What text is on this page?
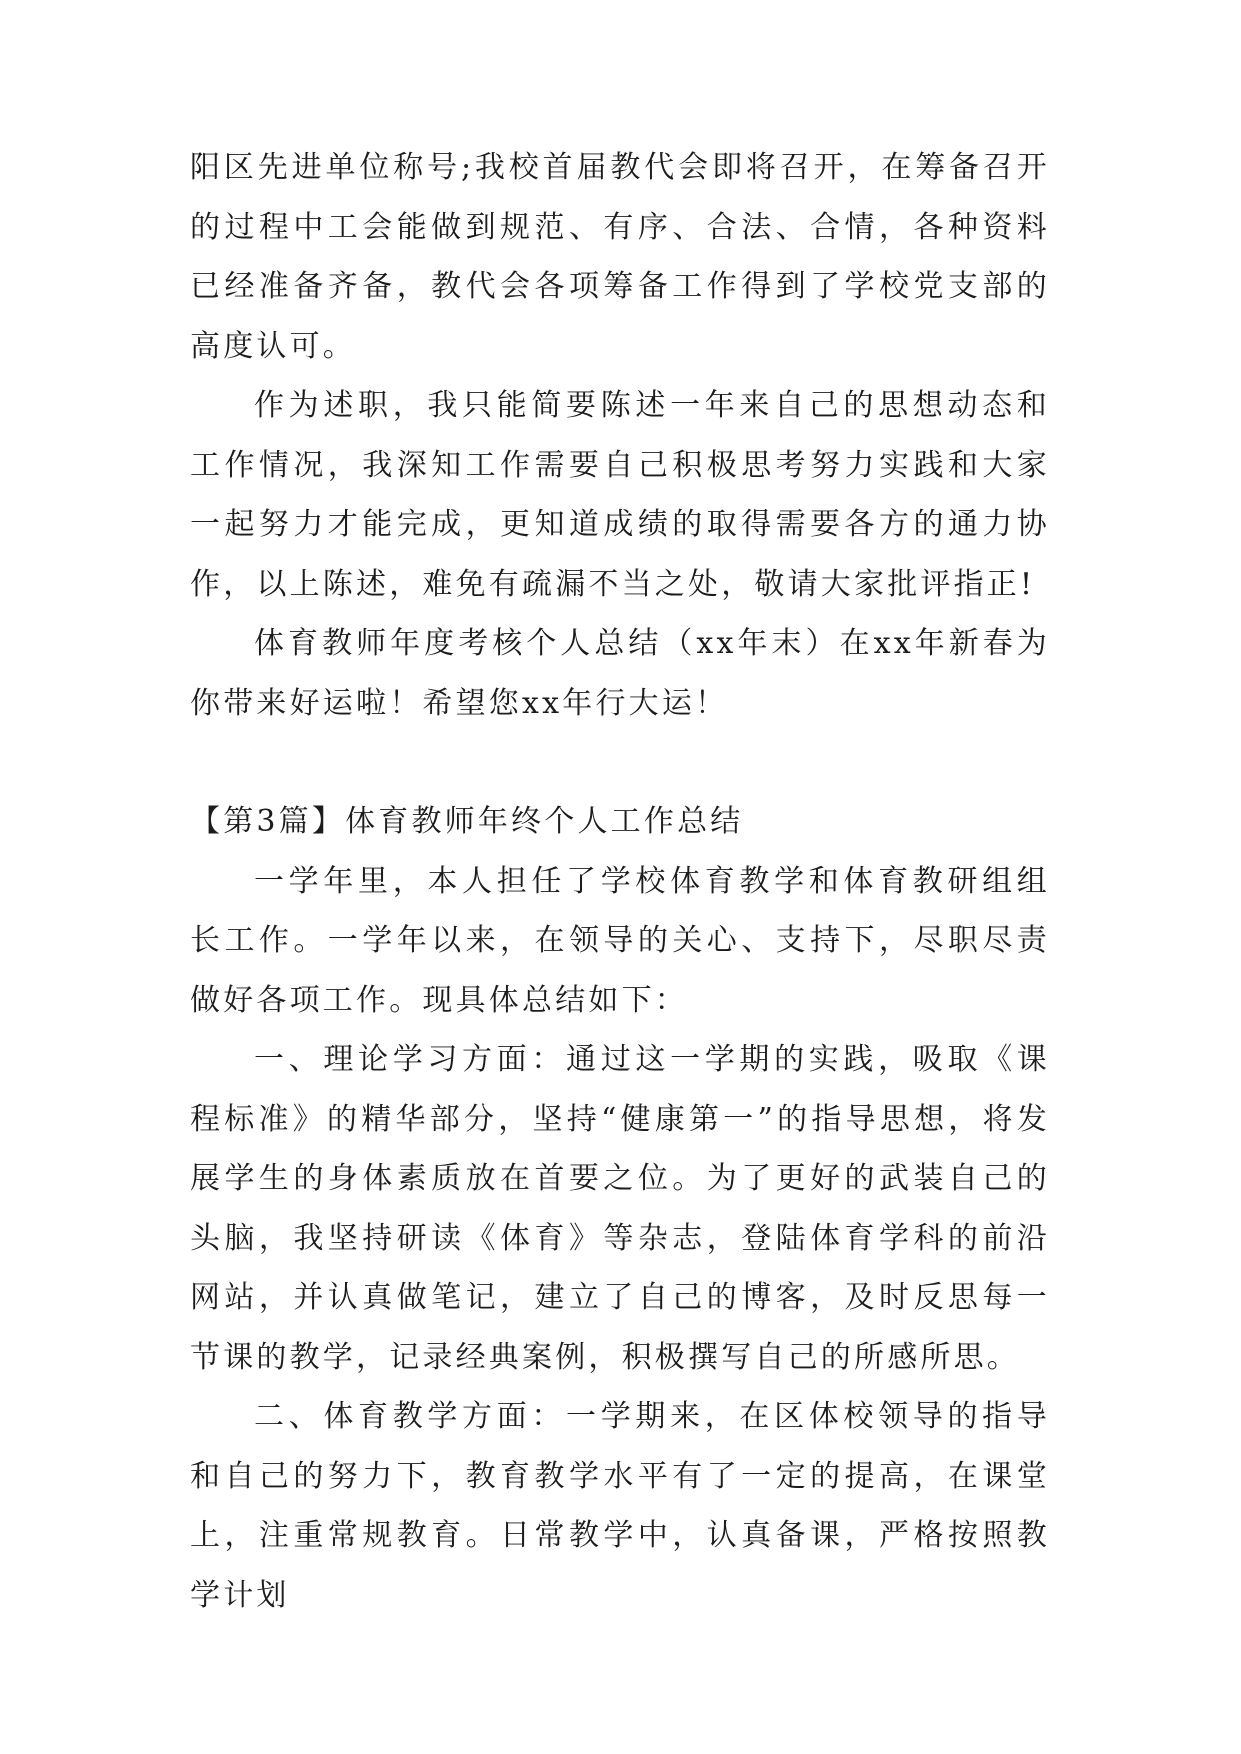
阳区先进单位称号;我校首届教代会即将召开，在筹备召开的过程中工会能做到规范、有序、合法、合情，各种资料已经准备齐备，教代会各项筹备工作得到了学校党支部的高度认可。

作为述职，我只能简要陈述一年来自己的思想动态和工作情况，我深知工作需要自己积极思考努力实践和大家一起努力才能完成，更知道成绩的取得需要各方的通力协作，以上陈述，难免有疏漏不当之处，敬请大家批评指正!

体育教师年度考核个人总结（xx年末）在xx年新春为你带来好运啦！希望您xx年行大运！

【第3篇】体育教师年终个人工作总结

一学年里，本人担任了学校体育教学和体育教研组组长工作。一学年以来，在领导的关心、支持下，尽职尽责做好各项工作。现具体总结如下：

一、理论学习方面：通过这一学期的实践，吸取《课程标准》的精华部分，坚持“健康第一”的指导思想，将发展学生的身体素质放在首要之位。为了更好的武装自己的头脑，我坚持研读《体育》等杂志，登陆体育学科的前沿网站，并认真做笔记，建立了自己的博客，及时反思每一节课的教学，记录经典案例，积极撰写自己的所感所思。

二、体育教学方面：一学期来，在区体校领导的指导和自己的努力下，教育教学水平有了一定的提高，在课堂上，注重常规教育。日常教学中，认真备课，严格按照教学计划
